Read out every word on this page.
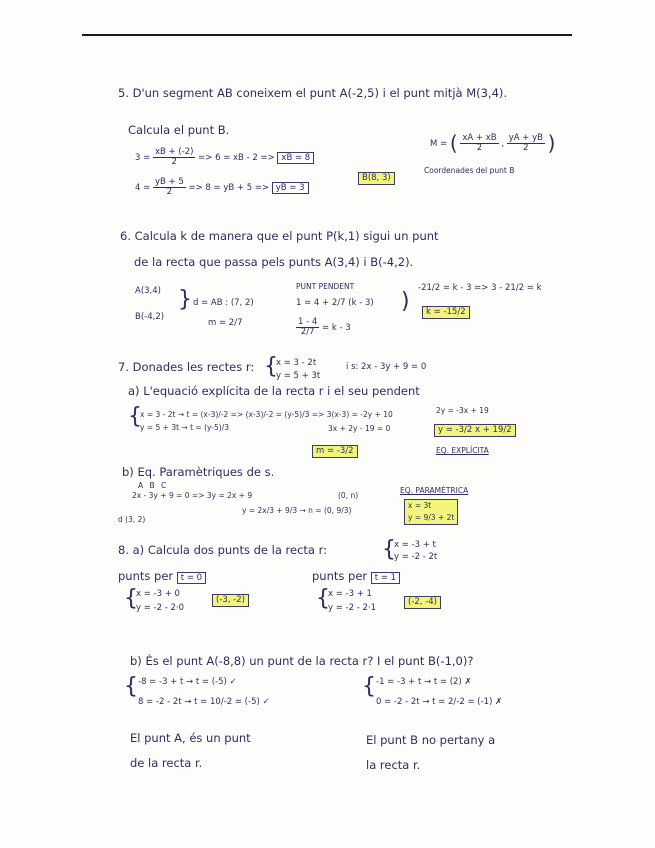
5. D'un segment AB coneixem el punt A(-2,5) i el punt mitjà M(3,4).
Calcula el punt B.
$3 = \frac{xB + (-2)}{2} => 6$ = xB - 2 => xB = 8
$4 = \frac{yB + 5}{2} => 8$ = yB + 5 => yB = 3
M = ( $\frac{xA + xB}{2}$ , $\frac{yA + yB}{2}$ )
B(8, 3)
Coordenades del punt B
6. Calcula k de manera que el punt P(k,1) sigui un punt
de la recta que passa pels punts A(3,4) i B(-4,2).
A(3,4)
B(-4,2)
} d = AB : (7, 2)
m = 2/7
PUNT PENDENT
1 = 4 + 2/7 (k - 3)
$\frac{1 - 4}{2/7} = k - 3$
)
-21/2 = k - 3 => 3 - 21/2 = k
k = -15/2
7. Donades les rectes r: {
x = 3 - 2t
y = 5 + 3t
i s: 2x - 3y + 9 = 0
a) L'equació explícita de la recta r i el seu pendent
{
x = 3 - 2t → t = (x-3)/-2 => (x-3)/-2 = (y-5)/3 => 3(x-3) = -2y + 10
y = 5 + 3t → t = (y-5)/3	3x + 2y - 19 = 0
2y = -3x + 19
y = -3/2 x + 19/2
m = -3/2	EQ. EXPLÍCITA
b) Eq. Paramètriques de s.
A B C
2x - 3y + 9 = 0 => 3y = 2x + 9
y = 2x/3 + 9/3 → n = (0, 9/3)
d (3, 2)
(0, n)
EQ. PARAMÈTRICA
x = 3t
y = 9/3 + 2t
8. a) Calcula dos punts de la recta r: {
x = -3 + t
y = -2 - 2t
punts per t = 0
{
x = -3 + 0
y = -2 - 2·0
(-3, -2)
punts per t = 1
{
x = -3 + 1
y = -2 - 2·1
(-2, -4)
b) És el punt A(-8,8) un punt de la recta r? I el punt B(-1,0)?
{ -8 = -3 + t → t = (-5) ✓
8 = -2 - 2t → t = 10/-2 = (-5) ✓
{ -1 = -3 + t → t = (2) ✗
0 = -2 - 2t → t = 2/-2 = (-1) ✗
El punt A, és un punt
de la recta r.
El punt B no pertany a
la recta r.
